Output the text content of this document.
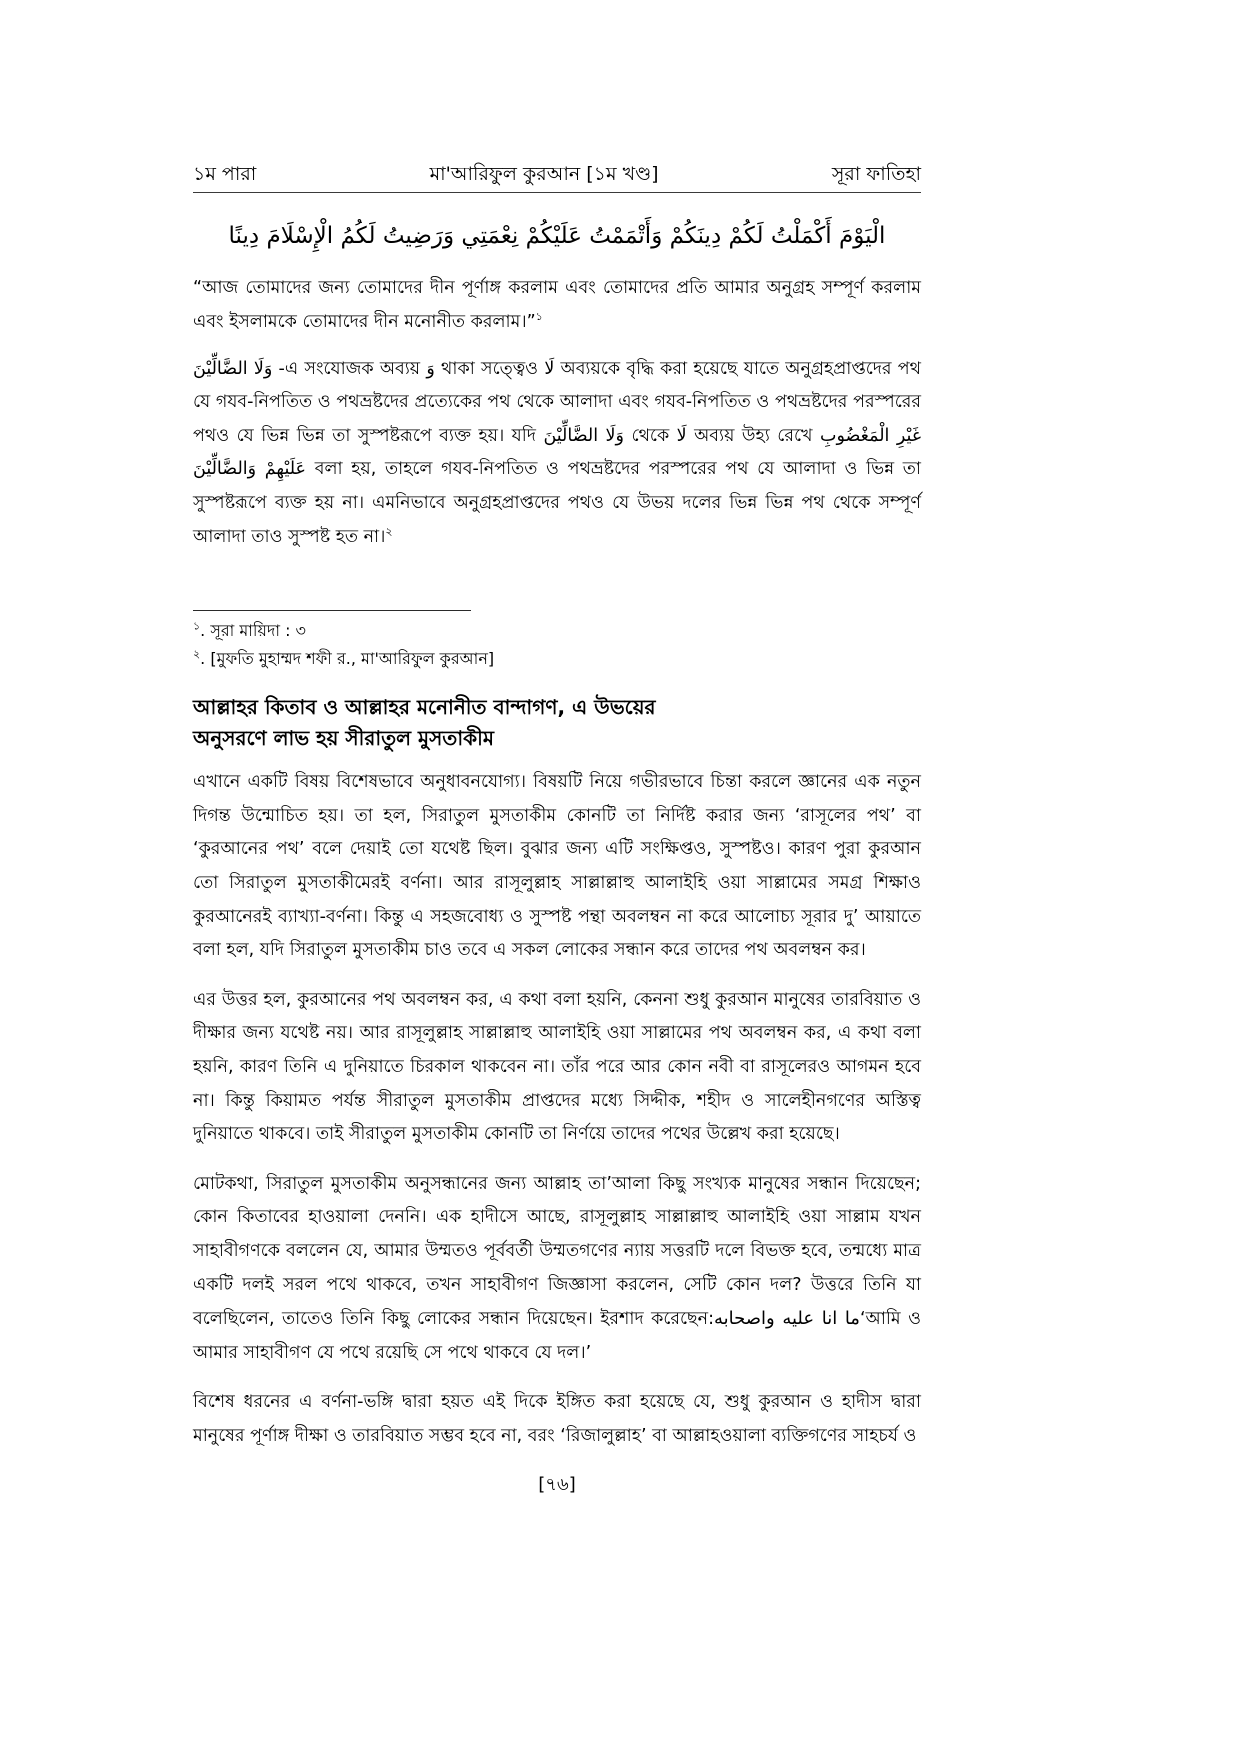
১ম পারা	মা'আরিফুল কুরআন [১ম খণ্ড]	সূরা ফাতিহা
الْيَوْمَ أَكْمَلْتُ لَكُمْ دِينَكُمْ وَأَتْمَمْتُ عَلَيْكُمْ نِعْمَتِي وَرَضِيتُ لَكُمُ الْإِسْلَامَ دِينًا

“আজ তোমাদের জন্য তোমাদের দীন পূর্ণাঙ্গ করলাম এবং তোমাদের প্রতি আমার অনুগ্রহ সম্পূর্ণ করলাম এবং ইসলামকে তোমাদের দীন মনোনীত করলাম।”$^১$

وَلَا الضَّالِّيْنَ -এ সংযোজক অব্যয় وَ থাকা সত্ত্বেও لَا অব্যয়কে বৃদ্ধি করা হয়েছে যাতে অনুগ্রহপ্রাপ্তদের পথ যে গযব-নিপতিত ও পথভ্রষ্টদের প্রত্যেকের পথ থেকে আলাদা এবং গযব-নিপতিত ও পথভ্রষ্টদের পরস্পরের পথও যে ভিন্ন ভিন্ন তা সুস্পষ্টরূপে ব্যক্ত হয়। যদি وَلَا الضَّالِّيْنَ থেকে لَا অব্যয় উহ্য রেখে غَيْرِ الْمَغْضُوبِ عَلَيْهِمْ وَالضَّالِّيْنَ বলা হয়, তাহলে গযব-নিপতিত ও পথভ্রষ্টদের পরস্পরের পথ যে আলাদা ও ভিন্ন তা সুস্পষ্টরূপে ব্যক্ত হয় না। এমনিভাবে অনুগ্রহপ্রাপ্তদের পথও যে উভয় দলের ভিন্ন ভিন্ন পথ থেকে সম্পূর্ণ আলাদা তাও সুস্পষ্ট হত না।$^২$

$^১$. সূরা মায়িদা : ৩

$^২$. [মুফতি মুহাম্মদ শফী র., মা'আরিফুল কুরআন]

আল্লাহর কিতাব ও আল্লাহর মনোনীত বান্দাগণ, এ উভয়ের
অনুসরণে লাভ হয় সীরাতুল মুসতাকীম

এখানে একটি বিষয় বিশেষভাবে অনুধাবনযোগ্য। বিষয়টি নিয়ে গভীরভাবে চিন্তা করলে জ্ঞানের এক নতুন দিগন্ত উন্মোচিত হয়। তা হল, সিরাতুল মুসতাকীম কোনটি তা নির্দিষ্ট করার জন্য ‘রাসূলের পথ’ বা ‘কুরআনের পথ’ বলে দেয়াই তো যথেষ্ট ছিল। বুঝার জন্য এটি সংক্ষিপ্তও, সুস্পষ্টও। কারণ পুরা কুরআন তো সিরাতুল মুসতাকীমেরই বর্ণনা। আর রাসূলুল্লাহ সাল্লাল্লাহু আলাইহি ওয়া সাল্লামের সমগ্র শিক্ষাও কুরআনেরই ব্যাখ্যা-বর্ণনা। কিন্তু এ সহজবোধ্য ও সুস্পষ্ট পন্থা অবলম্বন না করে আলোচ্য সূরার দু’ আয়াতে বলা হল, যদি সিরাতুল মুসতাকীম চাও তবে এ সকল লোকের সন্ধান করে তাদের পথ অবলম্বন কর।

এর উত্তর হল, কুরআনের পথ অবলম্বন কর, এ কথা বলা হয়নি, কেননা শুধু কুরআন মানুষের তারবিয়াত ও দীক্ষার জন্য যথেষ্ট নয়। আর রাসূলুল্লাহ সাল্লাল্লাহু আলাইহি ওয়া সাল্লামের পথ অবলম্বন কর, এ কথা বলা হয়নি, কারণ তিনি এ দুনিয়াতে চিরকাল থাকবেন না। তাঁর পরে আর কোন নবী বা রাসূলেরও আগমন হবে না। কিন্তু কিয়ামত পর্যন্ত সীরাতুল মুসতাকীম প্রাপ্তদের মধ্যে সিদ্দীক, শহীদ ও সালেহীনগণের অস্তিত্ব দুনিয়াতে থাকবে। তাই সীরাতুল মুসতাকীম কোনটি তা নির্ণয়ে তাদের পথের উল্লেখ করা হয়েছে।

মোটকথা, সিরাতুল মুসতাকীম অনুসন্ধানের জন্য আল্লাহ তা’আলা কিছু সংখ্যক মানুষের সন্ধান দিয়েছেন; কোন কিতাবের হাওয়ালা দেননি। এক হাদীসে আছে, রাসূলুল্লাহ সাল্লাল্লাহু আলাইহি ওয়া সাল্লাম যখন সাহাবীগণকে বললেন যে, আমার উম্মতও পূর্ববর্তী উম্মতগণের ন্যায় সত্তরটি দলে বিভক্ত হবে, তন্মধ্যে মাত্র একটি দলই সরল পথে থাকবে, তখন সাহাবীগণ জিজ্ঞাসা করলেন, সেটি কোন দল? উত্তরে তিনি যা বলেছিলেন, তাতেও তিনি কিছু লোকের সন্ধান দিয়েছেন। ইরশাদ করেছেন:ما انا عليه واصحابه‘আমি ও আমার সাহাবীগণ যে পথে রয়েছি সে পথে থাকবে যে দল।’

বিশেষ ধরনের এ বর্ণনা-ভঙ্গি দ্বারা হয়ত এই দিকে ইঙ্গিত করা হয়েছে যে, শুধু কুরআন ও হাদীস দ্বারা মানুষের পূর্ণাঙ্গ দীক্ষা ও তারবিয়াত সম্ভব হবে না, বরং ‘রিজালুল্লাহ’ বা আল্লাহওয়ালা ব্যক্তিগণের সাহচর্য ও

[৭৬]
